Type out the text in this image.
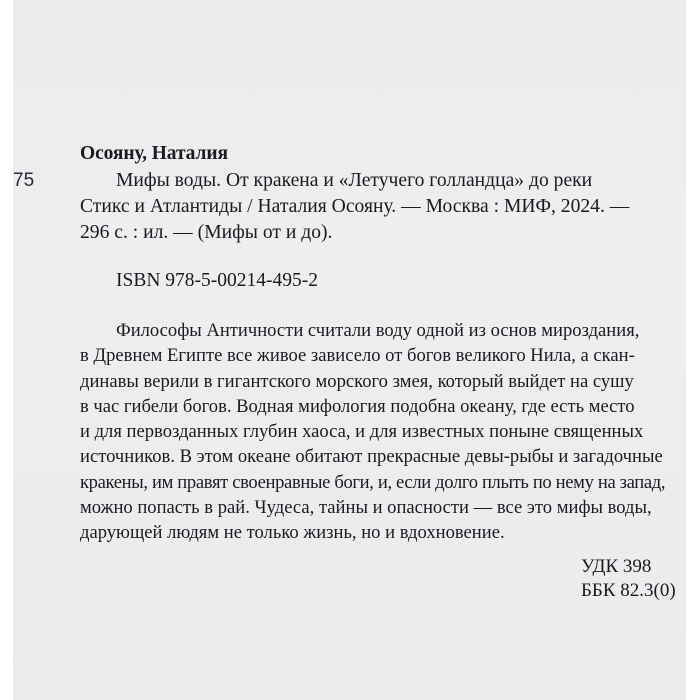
75
Осояну, Наталия
Мифы воды. От кракена и «Летучего голландца» до реки
Стикс и Атлантиды / Наталия Осояну. — Москва : МИФ, 2024. —
296 с. : ил. — (Мифы от и до).
ISBN 978-5-00214-495-2
Философы Античности считали воду одной из основ мироздания,
в Древнем Египте все живое зависело от богов великого Нила, а скан-
динавы верили в гигантского морского змея, который выйдет на сушу
в час гибели богов. Водная мифология подобна океану, где есть место
и для первозданных глубин хаоса, и для известных поныне священных
источников. В этом океане обитают прекрасные девы-рыбы и загадочные
кракены, им правят своенравные боги, и, если долго плыть по нему на запад,
можно попасть в рай. Чудеса, тайны и опасности — все это мифы воды,
дарующей людям не только жизнь, но и вдохновение.
УДК 398
ББК 82.3(0)
